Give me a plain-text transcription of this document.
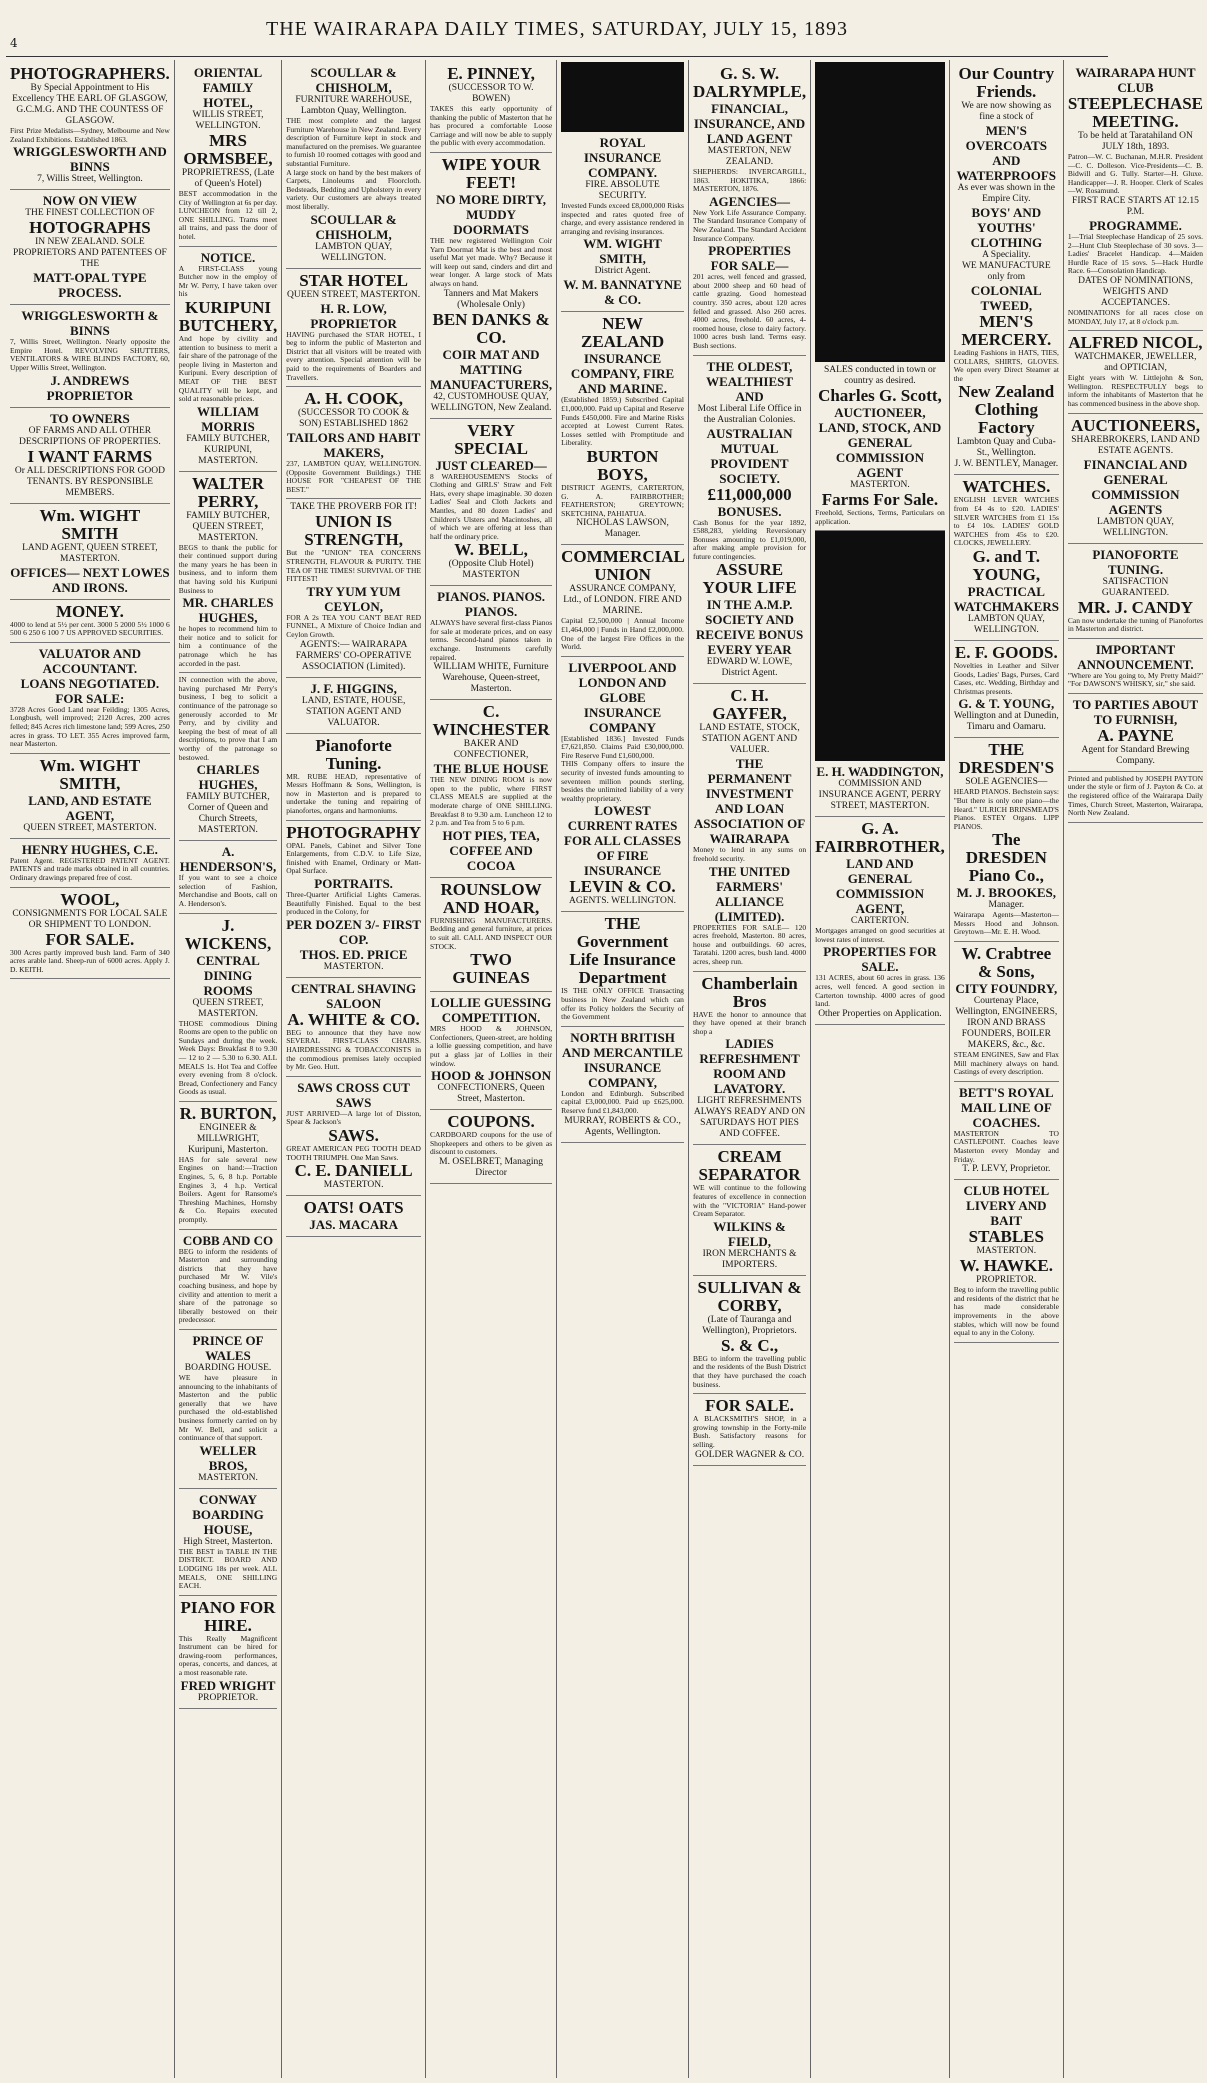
4
THE WAIRARAPA DAILY TIMES, SATURDAY, JULY 15, 1893
PHOTOGRAPHERS.
By Special Appointment to His Excellency THE EARL OF GLASGOW, G.C.M.G. AND THE COUNTESS OF GLASGOW.
First Prize Medalists—Sydney, Melbourne and New Zealand Exhibitions. Established 1863.
WRIGGLESWORTH AND BINNS
7, Willis Street, Wellington.
NOW ON VIEW
THE FINEST COLLECTION OF
HOTOGRAPHS
IN NEW ZEALAND. SOLE PROPRIETORS AND PATENTEES OF THE
MATT-OPAL TYPE PROCESS.
WRIGGLESWORTH & BINNS
7, Willis Street, Wellington. Nearly opposite the Empire Hotel. REVOLVING SHUTTERS, VENTILATORS & WIRE BLINDS FACTORY, 60, Upper Willis Street, Wellington.
J. ANDREWS PROPRIETOR
TO OWNERS
OF FARMS AND ALL OTHER DESCRIPTIONS OF PROPERTIES.
I WANT FARMS
Or ALL DESCRIPTIONS FOR GOOD TENANTS. BY RESPONSIBLE MEMBERS.
Wm. WIGHT SMITH
LAND AGENT, QUEEN STREET, MASTERTON.
OFFICES— NEXT LOWES AND IRONS.
MONEY.
4000 to lend at 5½ per cent. 3000 5 2000 5½ 1000 6 500 6 250 6 100 7 US APPROVED SECURITIES.
VALUATOR AND ACCOUNTANT.
LOANS NEGOTIATED. FOR SALE:
3728 Acres Good Land near Feilding; 1305 Acres, Longbush, well improved; 2120 Acres, 200 acres felled; 845 Acres rich limestone land; 599 Acres, 250 acres in grass. TO LET. 355 Acres improved farm, near Masterton.
Wm. WIGHT SMITH,
LAND, AND ESTATE AGENT,
QUEEN STREET, MASTERTON.
HENRY HUGHES, C.E.
Patent Agent. REGISTERED PATENT AGENT. PATENTS and trade marks obtained in all countries. Ordinary drawings prepared free of cost.
WOOL,
CONSIGNMENTS FOR LOCAL SALE OR SHIPMENT TO LONDON.
FOR SALE.
300 Acres partly improved bush land. Farm of 340 acres arable land. Sheep-run of 6000 acres. Apply J. D. KEITH.
ORIENTAL FAMILY HOTEL,
WILLIS STREET, WELLINGTON.
MRS ORMSBEE,
PROPRIETRESS, (Late of Queen's Hotel)
BEST accommodation in the City of Wellington at 6s per day. LUNCHEON from 12 till 2, ONE SHILLING. Trams meet all trains, and pass the door of hotel.
NOTICE.
A FIRST-CLASS young Butcher now in the employ of Mr W. Perry, I have taken over his
KURIPUNI BUTCHERY,
And hope by civility and attention to business to merit a fair share of the patronage of the people living in Masterton and Kuripuni. Every description of MEAT OF THE BEST QUALITY will be kept, and sold at reasonable prices.
WILLIAM MORRIS
FAMILY BUTCHER, KURIPUNI, MASTERTON.
WALTER PERRY,
FAMILY BUTCHER, QUEEN STREET, MASTERTON.
BEGS to thank the public for their continued support during the many years he has been in business, and to inform them that having sold his Kuripuni Business to
MR. CHARLES HUGHES,
he hopes to recommend him to their notice and to solicit for him a continuance of the patronage which he has accorded in the past.
IN connection with the above, having purchased Mr Perry's business, I beg to solicit a continuance of the patronage so generously accorded to Mr Perry, and by civility and keeping the best of meat of all descriptions, to prove that I am worthy of the patronage so bestowed.
CHARLES HUGHES,
FAMILY BUTCHER, Corner of Queen and Church Streets, MASTERTON.
A. HENDERSON'S,
If you want to see a choice selection of Fashion, Merchandise and Boots, call on A. Henderson's.
J. WICKENS,
CENTRAL DINING ROOMS
QUEEN STREET, MASTERTON.
THOSE commodious Dining Rooms are open to the public on Sundays and during the week. Week Days: Breakfast 8 to 9.30 — 12 to 2 — 5.30 to 6.30. ALL MEALS 1s. Hot Tea and Coffee every evening from 8 o'clock. Bread, Confectionery and Fancy Goods as usual.
R. BURTON,
ENGINEER & MILLWRIGHT, Kuripuni, Masterton.
HAS for sale several new Engines on hand:—Traction Engines, 5, 6, 8 h.p. Portable Engines 3, 4 h.p. Vertical Boilers. Agent for Ransome's Threshing Machines, Hornsby & Co. Repairs executed promptly.
COBB AND CO
BEG to inform the residents of Masterton and surrounding districts that they have purchased Mr W. Vile's coaching business, and hope by civility and attention to merit a share of the patronage so liberally bestowed on their predecessor.
PRINCE OF WALES
BOARDING HOUSE.
WE have pleasure in announcing to the inhabitants of Masterton and the public generally that we have purchased the old-established business formerly carried on by Mr W. Bell, and solicit a continuance of that support.
WELLER BROS,
MASTERTON.
CONWAY BOARDING HOUSE,
High Street, Masterton.
THE BEST in TABLE IN THE DISTRICT. BOARD AND LODGING 18s per week. ALL MEALS, ONE SHILLING EACH.
PIANO FOR HIRE.
This Really Magnificent Instrument can be hired for drawing-room performances, operas, concerts, and dances, at a most reasonable rate.
FRED WRIGHT
PROPRIETOR.
SCOULLAR & CHISHOLM,
FURNITURE WAREHOUSE, Lambton Quay, Wellington.
THE most complete and the largest Furniture Warehouse in New Zealand. Every description of Furniture kept in stock and manufactured on the premises. We guarantee to furnish 10 roomed cottages with good and substantial Furniture.
A large stock on hand by the best makers of Carpets, Linoleums and Floorcloth. Bedsteads, Bedding and Upholstery in every variety. Our customers are always treated most liberally.
SCOULLAR & CHISHOLM,
LAMBTON QUAY, WELLINGTON.
STAR HOTEL
QUEEN STREET, MASTERTON.
H. R. LOW, PROPRIETOR
HAVING purchased the STAR HOTEL, I beg to inform the public of Masterton and District that all visitors will be treated with every attention. Special attention will be paid to the requirements of Boarders and Travellers.
A. H. COOK,
(SUCCESSOR TO COOK & SON) ESTABLISHED 1862
TAILORS AND HABIT MAKERS,
237, LAMBTON QUAY, WELLINGTON. (Opposite Government Buildings.) THE HOUSE FOR "CHEAPEST OF THE BEST."
TAKE THE PROVERB FOR IT!
UNION IS STRENGTH,
But the "UNION" TEA CONCERNS STRENGTH, FLAVOUR & PURITY. THE TEA OF THE TIMES! SURVIVAL OF THE FITTEST!
TRY YUM YUM CEYLON,
FOR A 2s TEA YOU CAN'T BEAT RED FUNNEL, A Mixture of Choice Indian and Ceylon Growth.
AGENTS:— WAIRARAPA FARMERS' CO-OPERATIVE ASSOCIATION (Limited).
J. F. HIGGINS,
LAND, ESTATE, HOUSE, STATION AGENT AND VALUATOR.
Pianoforte Tuning.
MR. RUBE HEAD, representative of Messrs Hoffmann & Sons, Wellington, is now in Masterton and is prepared to undertake the tuning and repairing of pianofortes, organs and harmoniums.
PHOTOGRAPHY
OPAL Panels, Cabinet and Silver Tone Enlargements, from C.D.V. to Life Size, finished with Enamel, Ordinary or Matt-Opal Surface.
PORTRAITS.
Three-Quarter Artificial Lights Cameras. Beautifully Finished. Equal to the best produced in the Colony, for
PER DOZEN 3/- FIRST COP.
THOS. ED. PRICE
MASTERTON.
CENTRAL SHAVING SALOON
A. WHITE & CO.
BEG to announce that they have now SEVERAL FIRST-CLASS CHAIRS. HAIRDRESSING & TOBACCONISTS in the commodious premises lately occupied by Mr. Geo. Hutt.
SAWS CROSS CUT SAWS
JUST ARRIVED—A large lot of Disston, Spear & Jackson's
SAWS.
GREAT AMERICAN PEG TOOTH DEAD TOOTH TRIUMPH. One Man Saws.
C. E. DANIELL
MASTERTON.
OATS! OATS
JAS. MACARA
E. PINNEY,
(SUCCESSOR TO W. BOWEN)
TAKES this early opportunity of thanking the public of Masterton that he has procured a comfortable Loose Carriage and will now be able to supply the public with every accommodation.
WIPE YOUR FEET!
NO MORE DIRTY, MUDDY DOORMATS
THE new registered Wellington Coir Yarn Doormat Mat is the best and most useful Mat yet made. Why? Because it will keep out sand, cinders and dirt and wear longer. A large stock of Mats always on hand.
Tanners and Mat Makers (Wholesale Only)
BEN DANKS & CO.
COIR MAT AND MATTING MANUFACTURERS,
42, CUSTOMHOUSE QUAY, WELLINGTON, New Zealand.
VERY SPECIAL
JUST CLEARED—
8 WAREHOUSEMEN'S Stocks of Clothing and GIRLS' Straw and Felt Hats, every shape imaginable. 30 dozen Ladies' Seal and Cloth Jackets and Mantles, and 80 dozen Ladies' and Children's Ulsters and Macintoshes, all of which we are offering at less than half the ordinary price.
W. BELL,
(Opposite Club Hotel) MASTERTON
PIANOS. PIANOS. PIANOS.
ALWAYS have several first-class Pianos for sale at moderate prices, and on easy terms. Second-hand pianos taken in exchange. Instruments carefully repaired.
WILLIAM WHITE, Furniture Warehouse, Queen-street, Masterton.
C. WINCHESTER
BAKER AND CONFECTIONER,
THE BLUE HOUSE
THE NEW DINING ROOM is now open to the public, where FIRST CLASS MEALS are supplied at the moderate charge of ONE SHILLING. Breakfast 8 to 9.30 a.m. Luncheon 12 to 2 p.m. and Tea from 5 to 6 p.m.
HOT PIES, TEA, COFFEE AND COCOA
ROUNSLOW AND HOAR,
FURNISHING MANUFACTURERS. Bedding and general furniture, at prices to suit all. CALL AND INSPECT OUR STOCK.
TWO GUINEAS
LOLLIE GUESSING COMPETITION.
MRS HOOD & JOHNSON, Confectioners, Queen-street, are holding a lollie guessing competition, and have put a glass jar of Lollies in their window.
HOOD & JOHNSON
CONFECTIONERS, Queen Street, Masterton.
COUPONS.
CARDBOARD coupons for the use of Shopkeepers and others to be given as discount to customers.
M. OSELBRET, Managing Director
ROYAL INSURANCE COMPANY.
FIRE. ABSOLUTE SECURITY.
Invested Funds exceed £8,000,000 Risks inspected and rates quoted free of charge, and every assistance rendered in arranging and revising insurances.
WM. WIGHT SMITH,
District Agent.
W. M. BANNATYNE & CO.
NEW ZEALAND
INSURANCE COMPANY, FIRE AND MARINE.
(Established 1859.) Subscribed Capital £1,000,000. Paid up Capital and Reserve Funds £450,000. Fire and Marine Risks accepted at Lowest Current Rates. Losses settled with Promptitude and Liberality.
BURTON BOYS,
DISTRICT AGENTS, CARTERTON, G. A. FAIRBROTHER; FEATHERSTON; GREYTOWN; SKETCHINA, PAHIATUA.
NICHOLAS LAWSON, Manager.
COMMERCIAL UNION
ASSURANCE COMPANY, Ltd., of LONDON. FIRE AND MARINE.
Capital £2,500,000 | Annual Income £1,464,000 | Funds in Hand £2,000,000. One of the largest Fire Offices in the World.
LIVERPOOL AND LONDON AND GLOBE INSURANCE COMPANY
[Established 1836.] Invested Funds £7,621,850. Claims Paid £30,000,000. Fire Reserve Fund £1,600,000.
THIS Company offers to insure the security of invested funds amounting to seventeen million pounds sterling, besides the unlimited liability of a very wealthy proprietary.
LOWEST CURRENT RATES FOR ALL CLASSES OF FIRE INSURANCE
LEVIN & CO.
AGENTS. WELLINGTON.
THE Government Life Insurance Department
IS THE ONLY OFFICE Transacting business in New Zealand which can offer its Policy holders the Security of the Government
NORTH BRITISH AND MERCANTILE INSURANCE COMPANY,
London and Edinburgh. Subscribed capital £3,000,000. Paid up £625,000. Reserve fund £1,843,000.
MURRAY, ROBERTS & CO., Agents, Wellington.
G. S. W. DALRYMPLE,
FINANCIAL, INSURANCE, AND LAND AGENT
MASTERTON, NEW ZEALAND.
SHEPHERDS: INVERCARGILL, 1863. HOKITIKA, 1866: MASTERTON, 1876.
AGENCIES—
New York Life Assurance Company. The Standard Insurance Company of New Zealand. The Standard Accident Insurance Company.
PROPERTIES FOR SALE—
201 acres, well fenced and grassed, about 2000 sheep and 60 head of cattle grazing. Good homestead country. 350 acres, about 120 acres felled and grassed. Also 260 acres. 4000 acres, freehold. 60 acres, 4-roomed house, close to dairy factory. 1000 acres bush land. Terms easy. Bush sections.
THE OLDEST, WEALTHIEST AND
Most Liberal Life Office in the Australian Colonies.
AUSTRALIAN MUTUAL PROVIDENT SOCIETY.
£11,000,000
BONUSES.
Cash Bonus for the year 1892, £588,283, yielding Reversionary Bonuses amounting to £1,019,000, after making ample provision for future contingencies.
ASSURE YOUR LIFE
IN THE A.M.P. SOCIETY AND RECEIVE BONUS EVERY YEAR
EDWARD W. LOWE, District Agent.
C. H. GAYFER,
LAND ESTATE, STOCK, STATION AGENT AND VALUER.
THE PERMANENT INVESTMENT AND LOAN ASSOCIATION OF WAIRARAPA
Money to lend in any sums on freehold security.
THE UNITED FARMERS' ALLIANCE (LIMITED).
PROPERTIES FOR SALE— 120 acres freehold, Masterton. 80 acres, house and outbuildings. 60 acres, Taratahi. 1200 acres, bush land. 4000 acres, sheep run.
Chamberlain Bros
HAVE the honor to announce that they have opened at their branch shop a
LADIES REFRESHMENT ROOM AND LAVATORY.
LIGHT REFRESHMENTS ALWAYS READY AND ON SATURDAYS HOT PIES AND COFFEE.
CREAM SEPARATOR
WE will continue to the following features of excellence in connection with the "VICTORIA" Hand-power Cream Separator.
WILKINS & FIELD,
IRON MERCHANTS & IMPORTERS.
SULLIVAN & CORBY,
(Late of Tauranga and Wellington), Proprietors.
S. & C.,
BEG to inform the travelling public and the residents of the Bush District that they have purchased the coach business.
FOR SALE.
A BLACKSMITH'S SHOP, in a growing township in the Forty-mile Bush. Satisfactory reasons for selling.
GOLDER WAGNER & CO.
SALES conducted in town or country as desired.
Charles G. Scott,
AUCTIONEER, LAND, STOCK, AND GENERAL COMMISSION AGENT
MASTERTON.
Farms For Sale.
Freehold, Sections, Terms, Particulars on application.
E. H. WADDINGTON,
COMMISSION AND INSURANCE AGENT, PERRY STREET, MASTERTON.
G. A. FAIRBROTHER,
LAND AND GENERAL COMMISSION AGENT,
CARTERTON.
Mortgages arranged on good securities at lowest rates of interest.
PROPERTIES FOR SALE.
131 ACRES, about 60 acres in grass. 136 acres, well fenced. A good section in Carterton township. 4000 acres of good land.
Other Properties on Application.
Our Country Friends.
We are now showing as fine a stock of
MEN'S OVERCOATS AND WATERPROOFS
As ever was shown in the Empire City.
BOYS' AND YOUTHS' CLOTHING
A Speciality.
WE MANUFACTURE only from
COLONIAL TWEED,
MEN'S MERCERY.
Leading Fashions in HATS, TIES, COLLARS, SHIRTS, GLOVES. We open every Direct Steamer at the
New Zealand Clothing Factory
Lambton Quay and Cuba-St., Wellington.
J. W. BENTLEY, Manager.
WATCHES.
ENGLISH LEVER WATCHES from £4 4s to £20. LADIES' SILVER WATCHES from £1 15s to £4 10s. LADIES' GOLD WATCHES from 45s to £20. CLOCKS, JEWELLERY.
G. and T. YOUNG,
PRACTICAL WATCHMAKERS
LAMBTON QUAY, WELLINGTON.
E. F. GOODS.
Novelties in Leather and Silver Goods, Ladies' Bags, Purses, Card Cases, etc. Wedding, Birthday and Christmas presents.
G. & T. YOUNG,
Wellington and at Dunedin, Timaru and Oamaru.
THE DRESDEN'S
SOLE AGENCIES—
HEARD PIANOS. Bechstein says: "But there is only one piano—the Heard." ULRICH BRINSMEAD'S Pianos. ESTEY Organs. LIPP PIANOS.
The DRESDEN Piano Co.,
M. J. BROOKES,
Manager.
Wairarapa Agents—Masterton—Messrs Hood and Johnson. Greytown—Mr. E. H. Wood.
W. Crabtree & Sons,
CITY FOUNDRY,
Courtenay Place, Wellington, ENGINEERS, IRON AND BRASS FOUNDERS, BOILER MAKERS, &c., &c.
STEAM ENGINES, Saw and Flax Mill machinery always on hand. Castings of every description.
BETT'S ROYAL MAIL LINE OF COACHES.
MASTERTON TO CASTLEPOINT. Coaches leave Masterton every Monday and Friday.
T. P. LEVY, Proprietor.
CLUB HOTEL LIVERY AND BAIT
STABLES
MASTERTON.
W. HAWKE.
PROPRIETOR.
Beg to inform the travelling public and residents of the district that he has made considerable improvements in the above stables, which will now be found equal to any in the Colony.
WAIRARAPA HUNT CLUB
STEEPLECHASE MEETING.
To be held at Taratahiland ON JULY 18th, 1893.
Patron—W. C. Buchanan, M.H.R. President—C. C. Dolleson. Vice-Presidents—C. B. Bidwill and G. Tully. Starter—H. Gluxe. Handicapper—J. R. Hooper. Clerk of Scales—W. Rosamund.
FIRST RACE STARTS AT 12.15 P.M.
PROGRAMME.
1—Trial Steeplechase Handicap of 25 sovs. 2—Hunt Club Steeplechase of 30 sovs. 3—Ladies' Bracelet Handicap. 4—Maiden Hurdle Race of 15 sovs. 5—Hack Hurdle Race. 6—Consolation Handicap.
DATES OF NOMINATIONS, WEIGHTS AND ACCEPTANCES.
NOMINATIONS for all races close on MONDAY, July 17, at 8 o'clock p.m.
ALFRED NICOL,
WATCHMAKER, JEWELLER, and OPTICIAN,
Eight years with W. Littlejohn & Son, Wellington. RESPECTFULLY begs to inform the inhabitants of Masterton that he has commenced business in the above shop.
AUCTIONEERS,
SHAREBROKERS, LAND AND ESTATE AGENTS.
FINANCIAL AND GENERAL COMMISSION AGENTS
LAMBTON QUAY, WELLINGTON.
PIANOFORTE TUNING.
SATISFACTION GUARANTEED.
MR. J. CANDY
Can now undertake the tuning of Pianofortes in Masterton and district.
IMPORTANT ANNOUNCEMENT.
"Where are You going to, My Pretty Maid?" "For DAWSON'S WHISKY, sir," she said.
TO PARTIES ABOUT TO FURNISH,
A. PAYNE
Agent for Standard Brewing Company.
Printed and published by JOSEPH PAYTON under the style or firm of J. Payton & Co. at the registered office of the Wairarapa Daily Times, Church Street, Masterton, Wairarapa, North New Zealand.
